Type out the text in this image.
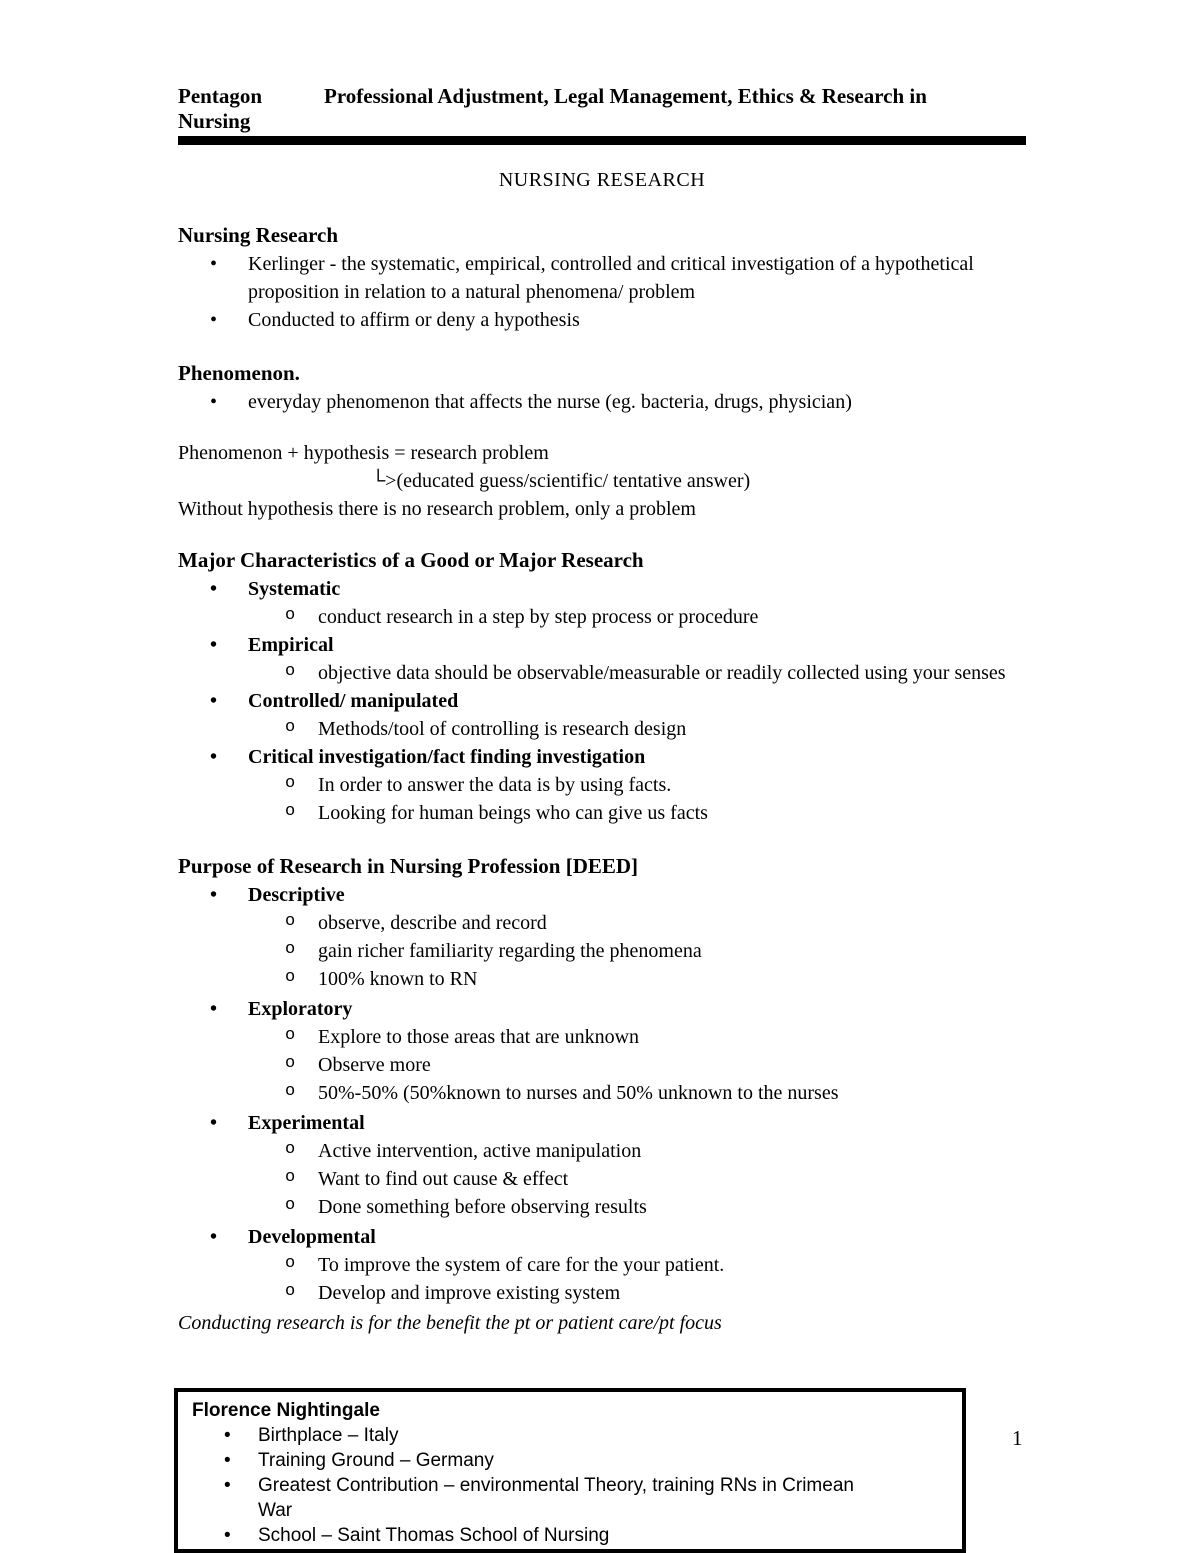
Pentagon	Professional Adjustment, Legal Management, Ethics & Research in
Nursing
NURSING RESEARCH
Nursing Research
• Kerlinger - the systematic, empirical, controlled and critical investigation of a hypothetical proposition in relation to a natural phenomena/ problem
• Conducted to affirm or deny a hypothesis
Phenomenon.
• everyday phenomenon that affects the nurse (eg. bacteria, drugs, physician)
Phenomenon + hypothesis = research problem
└>(educated guess/scientific/ tentative answer)
Without hypothesis there is no research problem, only a problem
Major Characteristics of a Good or Major Research
• Systematic
o conduct research in a step by step process or procedure
• Empirical
o objective data should be observable/measurable or readily collected using your senses
• Controlled/ manipulated
o Methods/tool of controlling is research design
• Critical investigation/fact finding investigation
o In order to answer the data is by using facts.
o Looking for human beings who can give us facts
Purpose of Research in Nursing Profession [DEED]
• Descriptive
o observe, describe and record
o gain richer familiarity regarding the phenomena
o 100% known to RN
• Exploratory
o Explore to those areas that are unknown
o Observe more
o 50%-50% (50%known to nurses and 50% unknown to the nurses
• Experimental
o Active intervention, active manipulation
o Want to find out cause & effect
o Done something before observing results
• Developmental
o To improve the system of care for the your patient.
o Develop and improve existing system
Conducting research is for the benefit the pt or patient care/pt focus
Florence Nightingale
• Birthplace – Italy
• Training Ground – Germany
• Greatest Contribution – environmental Theory, training RNs in Crimean War
• School – Saint Thomas School of Nursing
1
